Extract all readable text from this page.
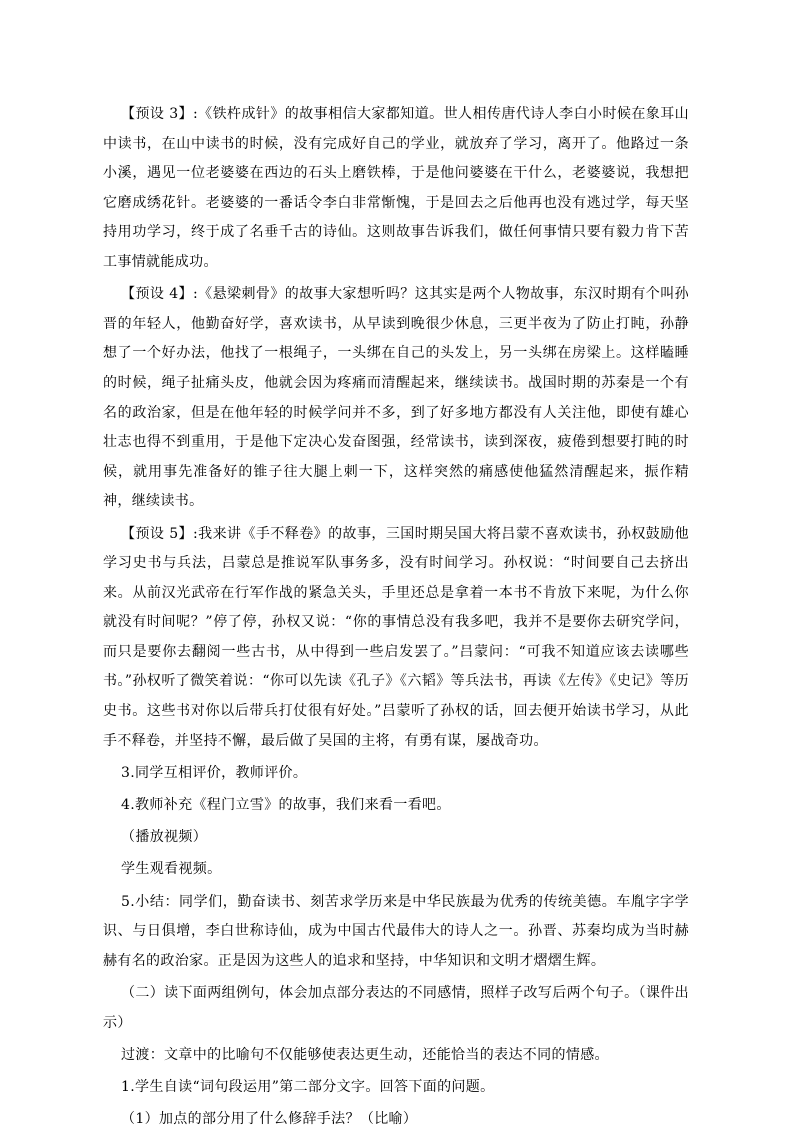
【预设 3】:《铁杵成针》的故事相信大家都知道。世人相传唐代诗人李白小时候在象耳山中读书，在山中读书的时候，没有完成好自己的学业，就放弃了学习，离开了。他路过一条小溪，遇见一位老婆婆在西边的石头上磨铁棒，于是他问婆婆在干什么，老婆婆说，我想把它磨成绣花针。老婆婆的一番话令李白非常惭愧，于是回去之后他再也没有逃过学，每天坚持用功学习，终于成了名垂千古的诗仙。这则故事告诉我们，做任何事情只要有毅力肯下苦工事情就能成功。

【预设 4】:《悬梁刺骨》的故事大家想听吗？这其实是两个人物故事，东汉时期有个叫孙晋的年轻人，他勤奋好学，喜欢读书，从早读到晚很少休息，三更半夜为了防止打盹，孙静想了一个好办法，他找了一根绳子，一头绑在自己的头发上，另一头绑在房梁上。这样瞌睡的时候，绳子扯痛头皮，他就会因为疼痛而清醒起来，继续读书。战国时期的苏秦是一个有名的政治家，但是在他年轻的时候学问并不多，到了好多地方都没有人关注他，即使有雄心壮志也得不到重用，于是他下定决心发奋图强，经常读书，读到深夜，疲倦到想要打盹的时候，就用事先准备好的锥子往大腿上刺一下，这样突然的痛感使他猛然清醒起来，振作精神，继续读书。

【预设 5】:我来讲《手不释卷》的故事，三国时期吴国大将吕蒙不喜欢读书，孙权鼓励他学习史书与兵法，吕蒙总是推说军队事务多，没有时间学习。孙权说：“时间要自己去挤出来。从前汉光武帝在行军作战的紧急关头，手里还总是拿着一本书不肯放下来呢，为什么你就没有时间呢？”停了停，孙权又说：“你的事情总没有我多吧，我并不是要你去研究学问，而只是要你去翻阅一些古书，从中得到一些启发罢了。”吕蒙问：“可我不知道应该去读哪些书。”孙权听了微笑着说：“你可以先读《孔子》《六韬》等兵法书，再读《左传》《史记》等历史书。这些书对你以后带兵打仗很有好处。”吕蒙听了孙权的话，回去便开始读书学习，从此手不释卷，并坚持不懈，最后做了吴国的主将，有勇有谋，屡战奇功。

3.同学互相评价，教师评价。

4.教师补充《程门立雪》的故事，我们来看一看吧。

（播放视频）

学生观看视频。

5.小结：同学们，勤奋读书、刻苦求学历来是中华民族最为优秀的传统美德。车胤字字学识、与日俱增，李白世称诗仙，成为中国古代最伟大的诗人之一。孙晋、苏秦均成为当时赫赫有名的政治家。正是因为这些人的追求和坚持，中华知识和文明才熠熠生辉。

（二）读下面两组例句，体会加点部分表达的不同感情，照样子改写后两个句子。（课件出示）

过渡：文章中的比喻句不仅能够使表达更生动，还能恰当的表达不同的情感。

1.学生自读“词句段运用”第二部分文字。回答下面的问题。

（1）加点的部分用了什么修辞手法？（比喻）
